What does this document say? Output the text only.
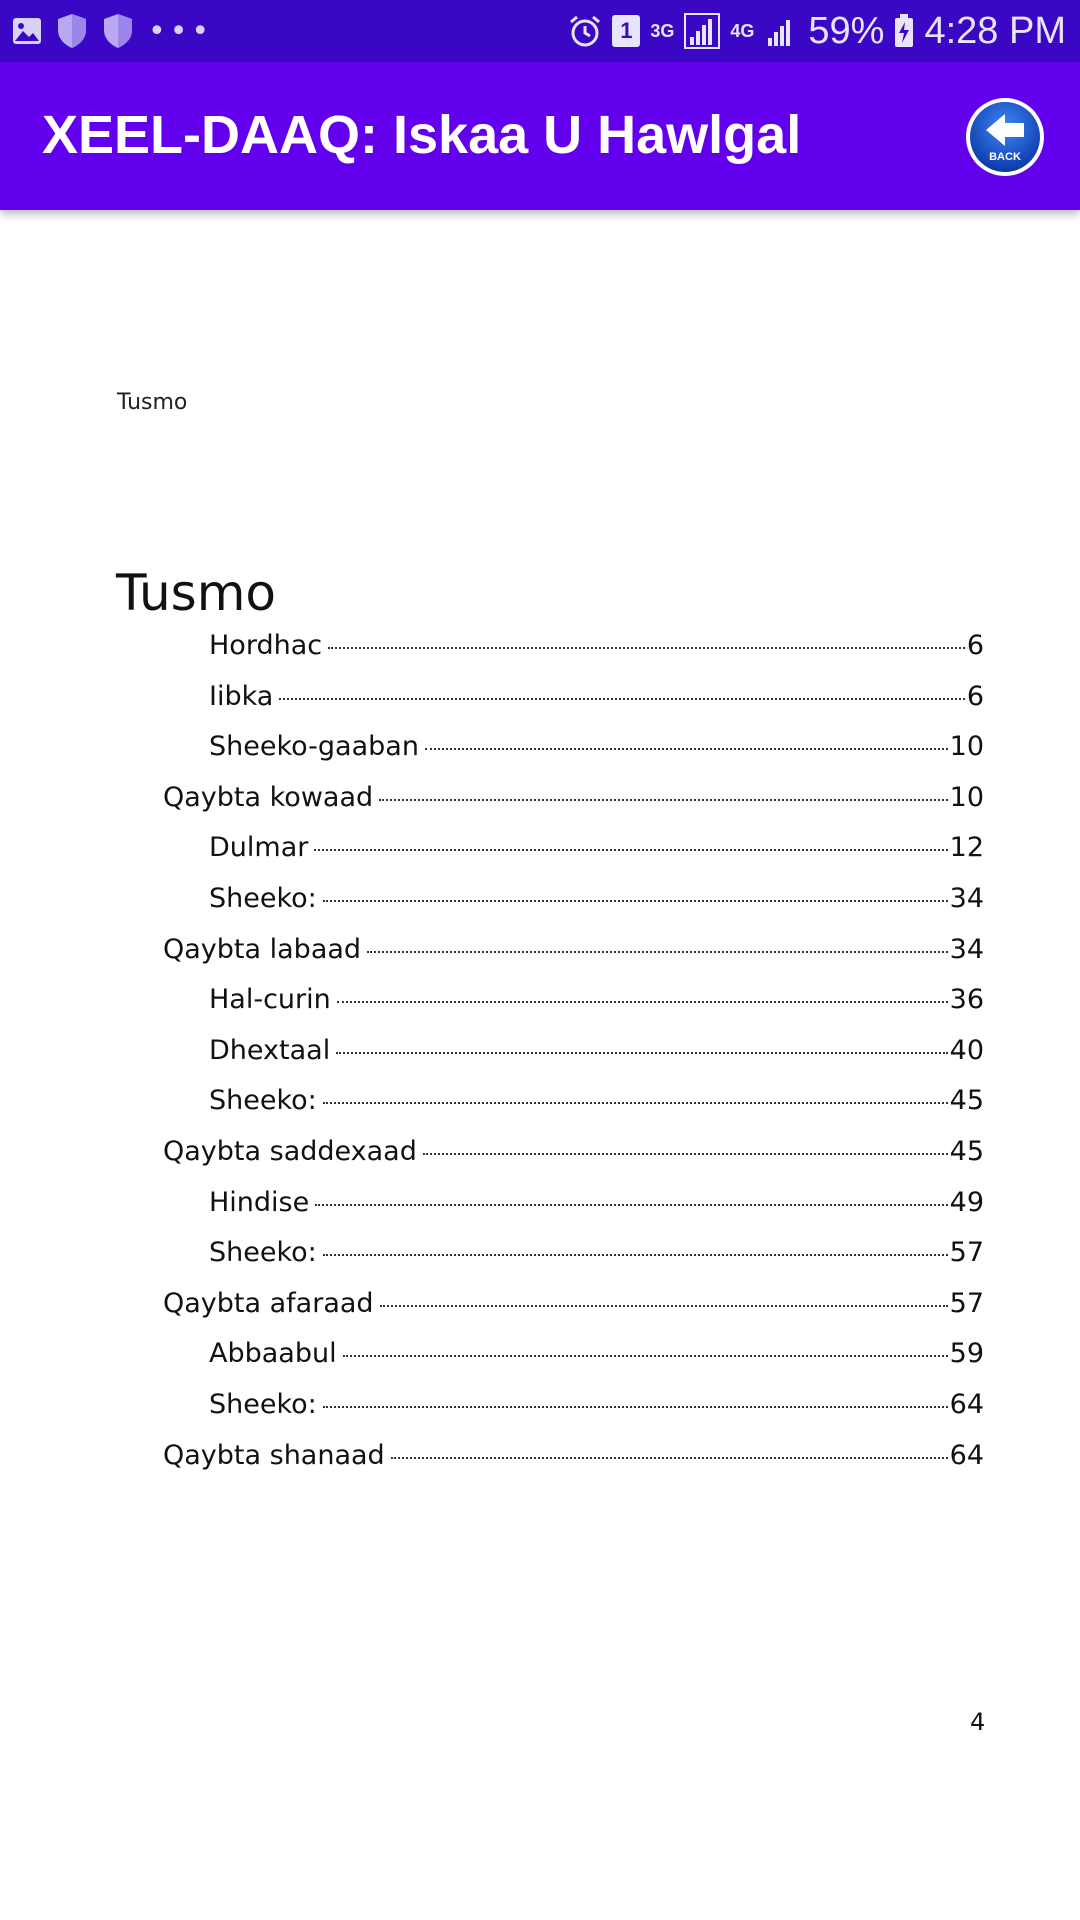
•••	1 3G	4G 59% 4:28 PM
XEEL-DAAQ: Iskaa U Hawlgal	BACK
Tusmo
Tusmo
Hordhac	6
Iibka	6
Sheeko-gaaban	10
Qaybta kowaad	10
Dulmar	12
Sheeko:	34
Qaybta labaad	34
Hal-curin	36
Dhextaal	40
Sheeko:	45
Qaybta saddexaad	45
Hindise	49
Sheeko:	57
Qaybta afaraad	57
Abbaabul	59
Sheeko:	64
Qaybta shanaad	64
4
